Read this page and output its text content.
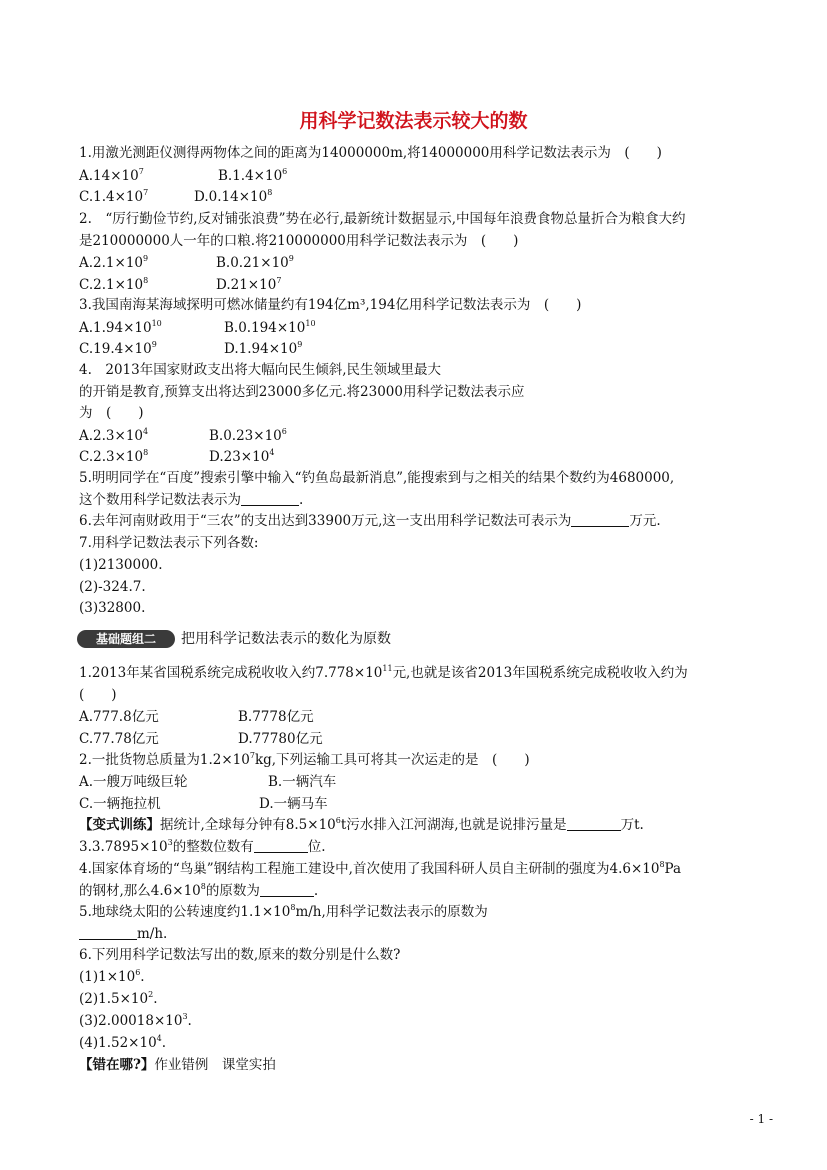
用科学记数法表示较大的数
1.用激光测距仪测得两物体之间的距离为14000000m,将14000000用科学记数法表示为　(　　)
$A.14\times 10^7$	$B.1.4\times 10^6$
$C.1.4\times 10^7$	$D.0.14\times 10^8$
2.　“厉行勤俭节约,反对铺张浪费”势在必行,最新统计数据显示,中国每年浪费食物总量折合为粮食大约
是210000000人一年的口粮.将210000000用科学记数法表示为　(　　)
$A.2.1\times 10^9$	$B.0.21\times 10^9$
$C.2.1\times 10^8$	$D.21\times 10^7$
3.我国南海某海域探明可燃冰储量约有194亿m³,194亿用科学记数法表示为　(　　)
$A.1.94\times 10^{10}$	$B.0.194\times 10^{10}$
$C.19.4\times 10^9$	$D.1.94\times 10^9$
4.　2013年国家财政支出将大幅向民生倾斜,民生领域里最大
的开销是教育,预算支出将达到23000多亿元.将23000用科学记数法表示应
为　(　　)
$A.2.3\times 10^4$	$B.0.23\times 10^6$
$C.2.3\times 10^8$	$D.23\times 10^4$
5.明明同学在“百度”搜索引擎中输入“钓鱼岛最新消息”,能搜索到与之相关的结果个数约为4680000,
这个数用科学记数法表示为	.
6.去年河南财政用于“三农”的支出达到33900万元,这一支出用科学记数法可表示为	万元.
7.用科学记数法表示下列各数:
(1)2130000.
(2)-324.7.
(3)32800.
基础题组二	把用科学记数法表示的数化为原数
1.2013年某省国税系统完成税收收入约$7.778\times 10^{11}$元,也就是该省2013年国税系统完成税收收入约为
(　　)
A.777.8亿元	B.7778亿元
C.77.78亿元	D.77780亿元
2.一批货物总质量为$1.2\times 10^7kg$,下列运输工具可将其一次运走的是　(　　)
A.一艘万吨级巨轮	B.一辆汽车
C.一辆拖拉机	D.一辆马车
【变式训练】据统计,全球每分钟有$8.5\times 10^6t$污水排入江河湖海,也就是说排污量是	万t.
$3.3.7895\times 10^3$的整数位数有	位.
4.国家体育场的“鸟巢”钢结构工程施工建设中,首次使用了我国科研人员自主研制的强度为$4.6\times 10^8Pa$
的钢材,那么$4.6\times 10^8$的原数为	.
5.地球绕太阳的公转速度约$1.1\times 10^8m/h$,用科学记数法表示的原数为
m/h.
6.下列用科学记数法写出的数,原来的数分别是什么数?
$(1)1\times 10^6$.
$(2)1.5\times 10^2$.
$(3)2.00018\times 10^3$.
$(4)1.52\times 10^4$.
【错在哪?】作业错例　课堂实拍
- 1 -
